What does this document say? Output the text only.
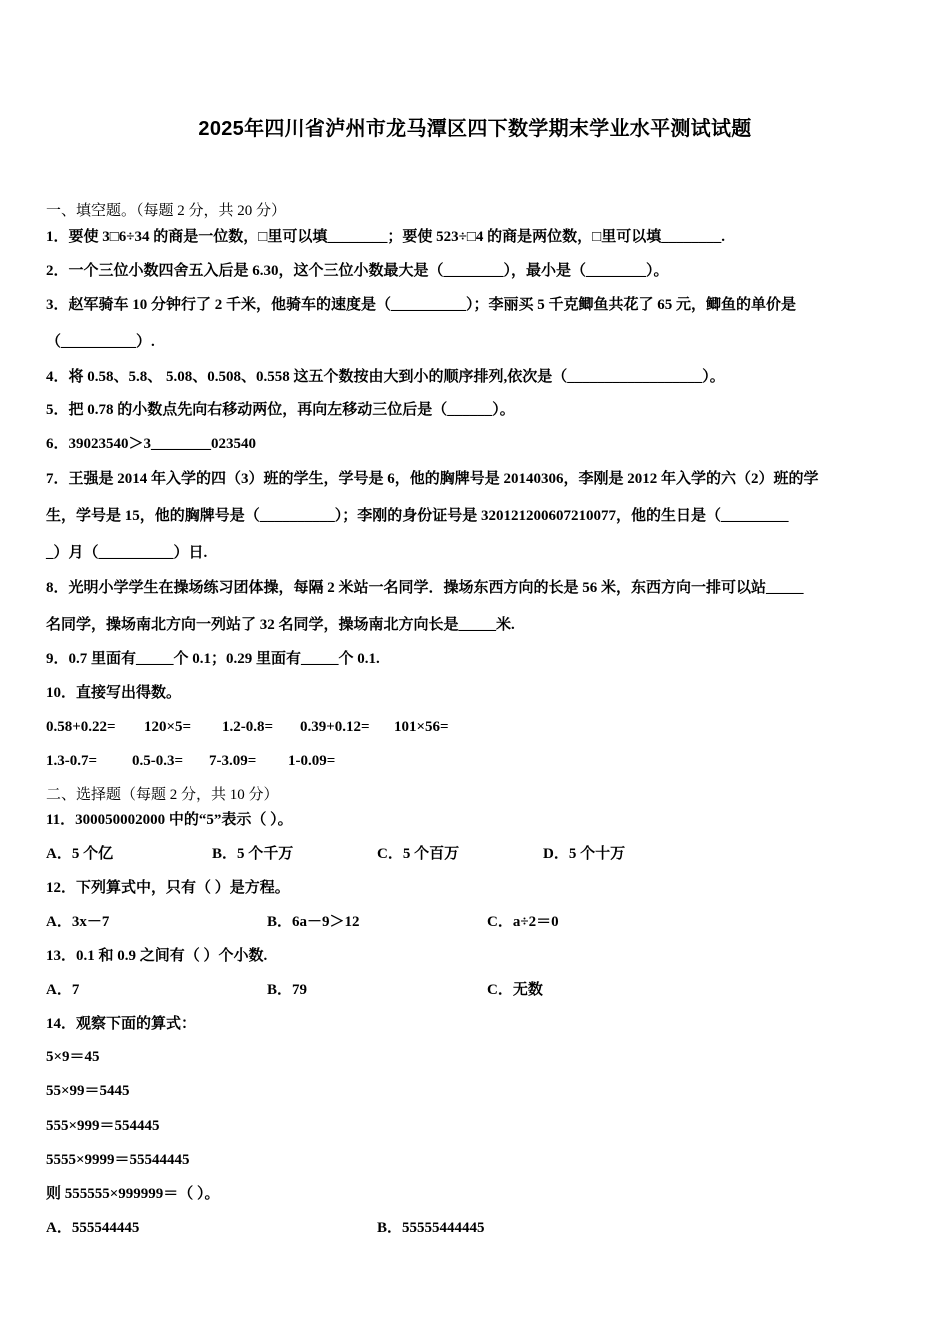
2025年四川省泸州市龙马潭区四下数学期末学业水平测试试题
一、填空题。（每题 2 分，共 20 分）
1．要使 3□6÷34 的商是一位数，□里可以填________；要使 523÷□4 的商是两位数，□里可以填________.
2．一个三位小数四舍五入后是 6.30，这个三位小数最大是（________），最小是（________）。
3．赵军骑车 10 分钟行了 2 千米，他骑车的速度是（__________）；李丽买 5 千克鲫鱼共花了 65 元，鲫鱼的单价是
（__________）.
4．将 0.58、5.8、 5.08、0.508、0.558 这五个数按由大到小的顺序排列,依次是（__________________）。
5．把 0.78 的小数点先向右移动两位，再向左移动三位后是（______）。
6．39023540＞3________023540
7．王强是 2014 年入学的四（3）班的学生，学号是 6，他的胸牌号是 20140306，李刚是 2012 年入学的六（2）班的学
生，学号是 15，他的胸牌号是（__________）；李刚的身份证号是 320121200607210077，他的生日是（_________
_）月（__________）日.
8．光明小学学生在操场练习团体操，每隔 2 米站一名同学．操场东西方向的长是 56 米，东西方向一排可以站_____
名同学，操场南北方向一列站了 32 名同学，操场南北方向长是_____米.
9．0.7 里面有_____个 0.1；0.29 里面有_____个 0.1.
10．直接写出得数。
0.58+0.22= 120×5= 1.2-0.8= 0.39+0.12= 101×56=
1.3-0.7= 0.5-0.3= 7-3.09= 1-0.09=
二、选择题（每题 2 分，共 10 分）
11．300050002000 中的“5”表示（ ）。
A．5 个亿	B．5 个千万	C．5 个百万	D．5 个十万
12．下列算式中，只有（ ）是方程。
A．3x－7	B．6a－9＞12	C．a÷2＝0
13．0.1 和 0.9 之间有（ ）个小数.
A．7	B．79	C．无数
14．观察下面的算式：
5×9＝45
55×99＝5445
555×999＝554445
5555×9999＝55544445
则 555555×999999＝（ ）。
A．555544445	B．55555444445
